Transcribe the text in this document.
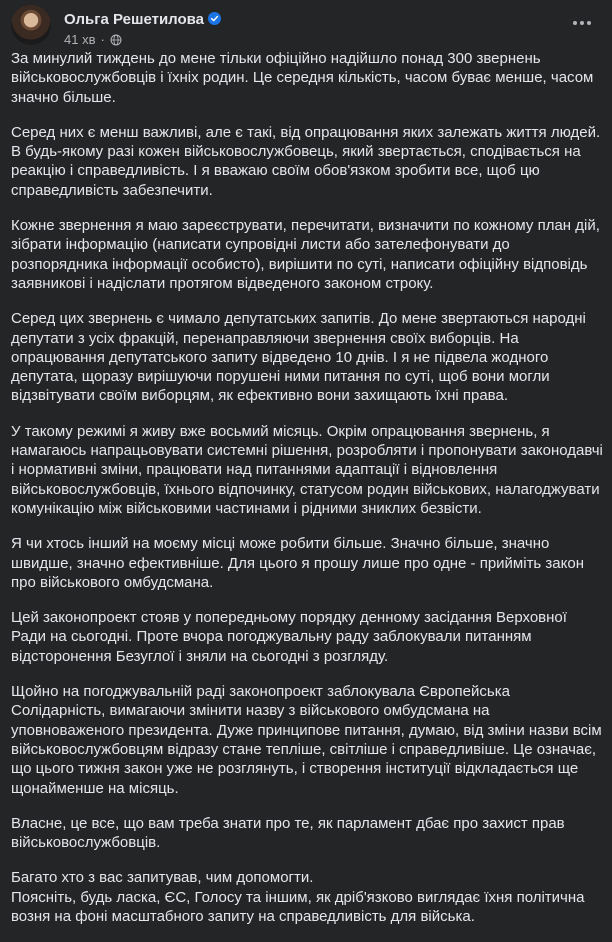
Ольга Решетилова
41 хв ·

За минулий тиждень до мене тільки офіційно надійшло понад 300 звернень військовослужбовців і їхніх родин. Це середня кількість, часом буває менше, часом значно більше.

Серед них є менш важливі, але є такі, від опрацювання яких залежать життя людей. В будь-якому разі кожен військовослужбовець, який звертається, сподівається на реакцію і справедливість. І я вважаю своїм обов'язком зробити все, щоб цю справедливість забезпечити.

Кожне звернення я маю зареєструвати, перечитати, визначити по кожному план дій, зібрати інформацію (написати супровідні листи або зателефонувати до розпорядника інформації особисто), вирішити по суті, написати офіційну відповідь заявникові і надіслати протягом відведеного законом строку.

Серед цих звернень є чимало депутатських запитів. До мене звертаються народні депутати з усіх фракцій, перенаправляючи звернення своїх виборців. На опрацювання депутатського запиту відведено 10 днів. І я не підвела жодного депутата, щоразу вирішуючи порушені ними питання по суті, щоб вони могли відзвітувати своїм виборцям, як ефективно вони захищають їхні права.

У такому режимі я живу вже восьмий місяць. Окрім опрацювання звернень, я намагаюсь напрацьовувати системні рішення, розробляти і пропонувати законодавчі і нормативні зміни, працювати над питаннями адаптації і відновлення військовослужбовців, їхнього відпочинку, статусом родин військових, налагоджувати комунікацію між військовими частинами і рідними зниклих безвісти.

Я чи хтось інший на моєму місці може робити більше. Значно більше, значно швидше, значно ефективніше. Для цього я прошу лише про одне - прийміть закон про військового омбудсмана.

Цей законопроект стояв у попередньому порядку денному засідання Верховної Ради на сьогодні. Проте вчора погоджувальну раду заблокували питанням відсторонення Безуглої і зняли на сьогодні з розгляду.

Щойно на погоджувальній раді законопроект заблокувала Європейська Солідарність, вимагаючи змінити назву з військового омбудсмана на уповноваженого президента. Дуже принципове питання, думаю, від зміни назви всім військовослужбовцям відразу стане тепліше, світліше і справедливіше. Це означає, що цього тижня закон уже не розглянуть, і створення інституції відкладається ще щонайменше на місяць.

Власне, це все, що вам треба знати про те, як парламент дбає про захист прав військовослужбовців.

Багато хто з вас запитував, чим допомогти.
Поясніть, будь ласка, ЄС, Голосу та іншим, як дріб'язково виглядає їхня політична возня на фоні масштабного запиту на справедливість для війська.
